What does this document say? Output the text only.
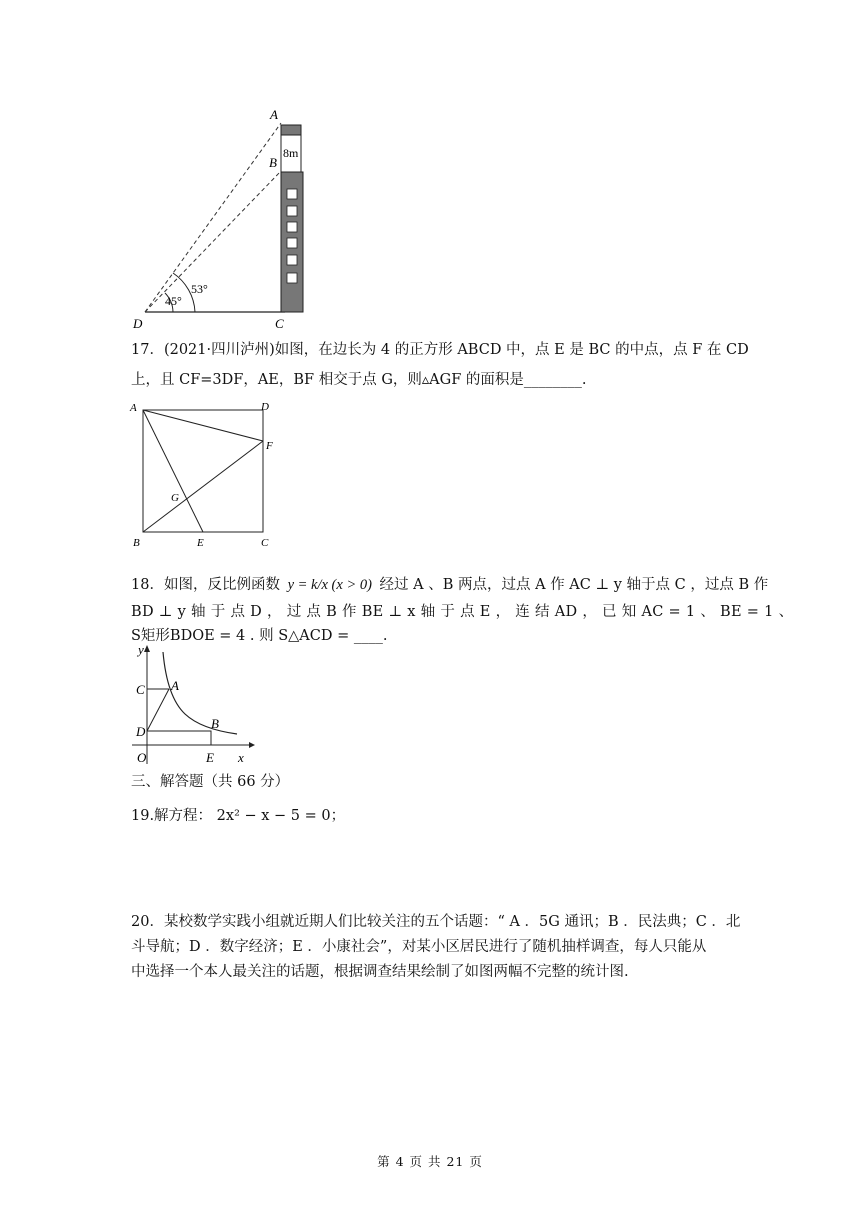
A
B
C
D
8m
53°
45°
17．(2021·四川泸州)如图，在边长为 4 的正方形 ABCD 中，点 E 是 BC 的中点，点 F 在 CD
上，且 CF=3DF，AE，BF 相交于点 G，则▵AGF 的面积是________.
A	D
F
G
B	E	C
18．如图，反比例函数 y = k/x (x > 0) 经过 A 、B 两点，过点 A 作 AC ⊥ y 轴于点 C ，过点 B 作
BD ⊥ y 轴 于 点 D ， 过 点 B 作 BE ⊥ x 轴 于 点 E ， 连 结 AD ， 已 知 AC = 1 、 BE = 1 、
S矩形BDOE = 4 . 则 S△ACD = ____.
y
C A
D
B
O	E x
三、解答题（共 66 分）
19.解方程： 2x² − x − 5 = 0；
20．某校数学实践小组就近期人们比较关注的五个话题：“ A ．5G 通讯；B ．民法典；C ．北
斗导航；D ．数字经济；E ．小康社会”，对某小区居民进行了随机抽样调查，每人只能从
中选择一个本人最关注的话题，根据调查结果绘制了如图两幅不完整的统计图.
第 4 页 共 21 页
